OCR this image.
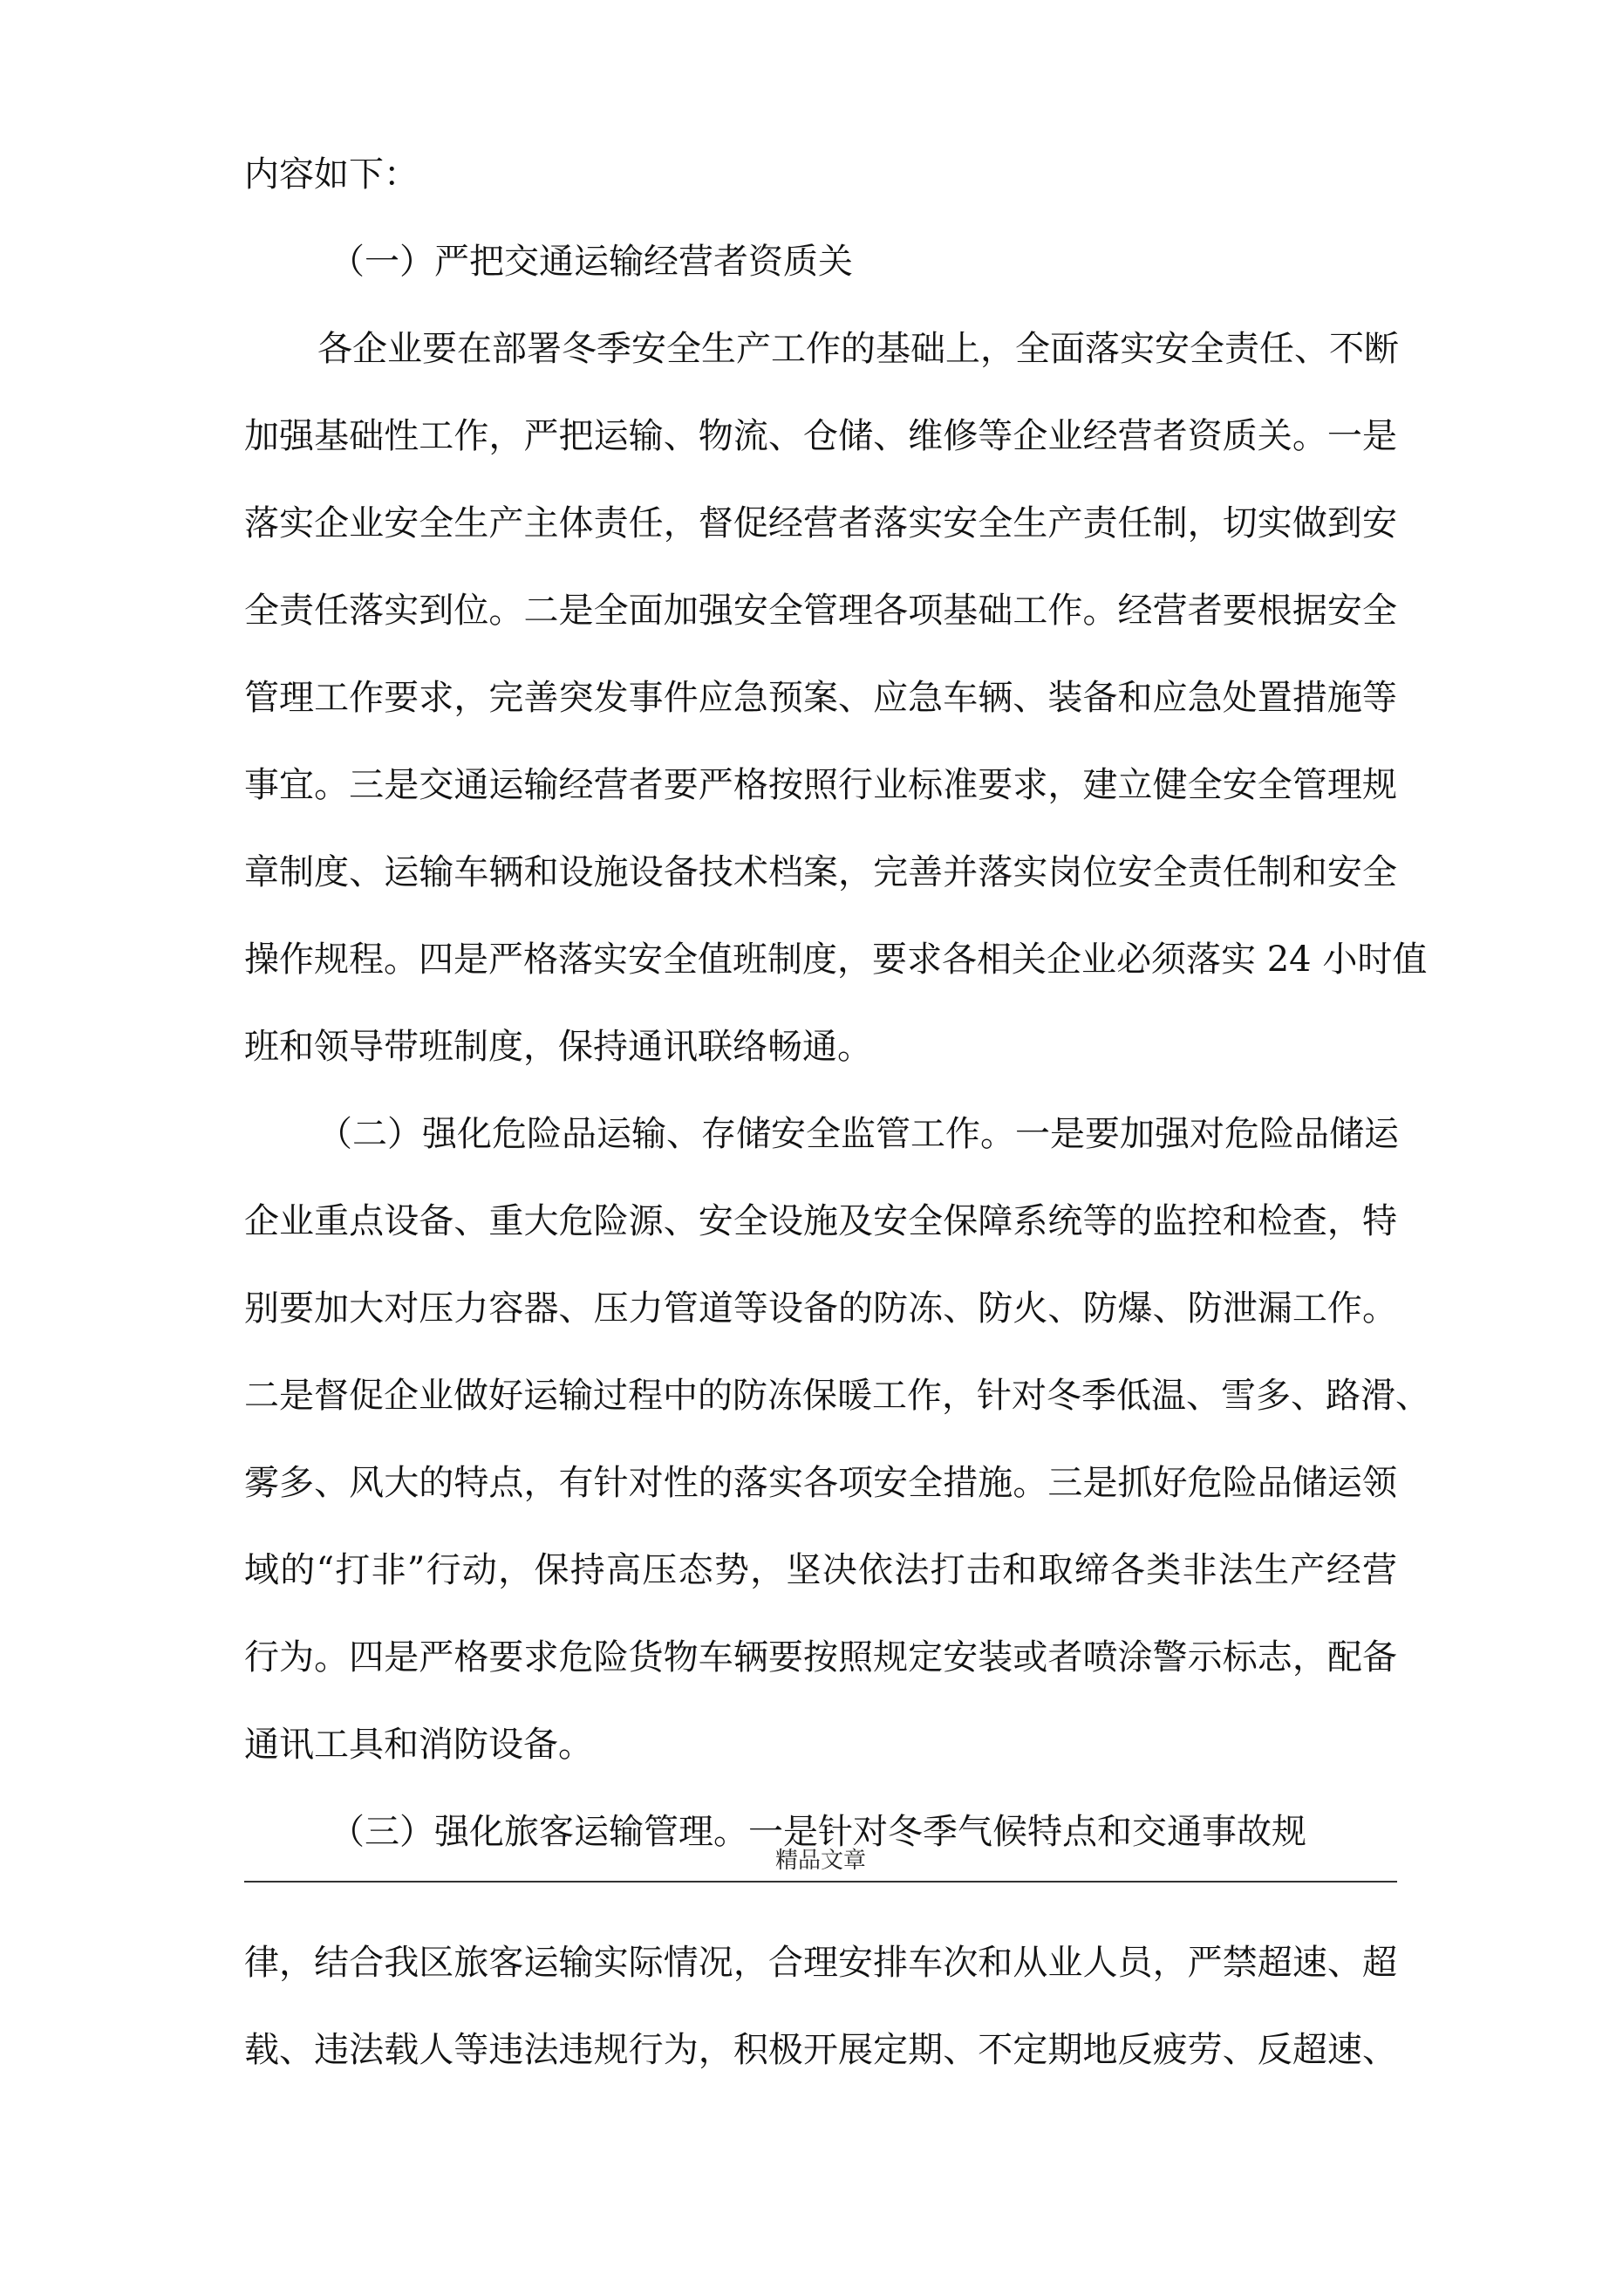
内容如下：
（一）严把交通运输经营者资质关
各企业要在部署冬季安全生产工作的基础上，全面落实安全责任、不断
加强基础性工作，严把运输、物流、仓储、维修等企业经营者资质关。一是
落实企业安全生产主体责任，督促经营者落实安全生产责任制，切实做到安
全责任落实到位。二是全面加强安全管理各项基础工作。经营者要根据安全
管理工作要求，完善突发事件应急预案、应急车辆、装备和应急处置措施等
事宜。三是交通运输经营者要严格按照行业标准要求，建立健全安全管理规
章制度、运输车辆和设施设备技术档案，完善并落实岗位安全责任制和安全
操作规程。四是严格落实安全值班制度，要求各相关企业必须落实 24 小时值
班和领导带班制度，保持通讯联络畅通。
（二）强化危险品运输、存储安全监管工作。一是要加强对危险品储运
企业重点设备、重大危险源、安全设施及安全保障系统等的监控和检查，特
别要加大对压力容器、压力管道等设备的防冻、防火、防爆、防泄漏工作。
二是督促企业做好运输过程中的防冻保暖工作，针对冬季低温、雪多、路滑、
雾多、风大的特点，有针对性的落实各项安全措施。三是抓好危险品储运领
域的“打非”行动，保持高压态势，坚决依法打击和取缔各类非法生产经营
行为。四是严格要求危险货物车辆要按照规定安装或者喷涂警示标志，配备
通讯工具和消防设备。
（三）强化旅客运输管理。一是针对冬季气候特点和交通事故规
精品文章
律，结合我区旅客运输实际情况，合理安排车次和从业人员，严禁超速、超
载、违法载人等违法违规行为，积极开展定期、不定期地反疲劳、反超速、
